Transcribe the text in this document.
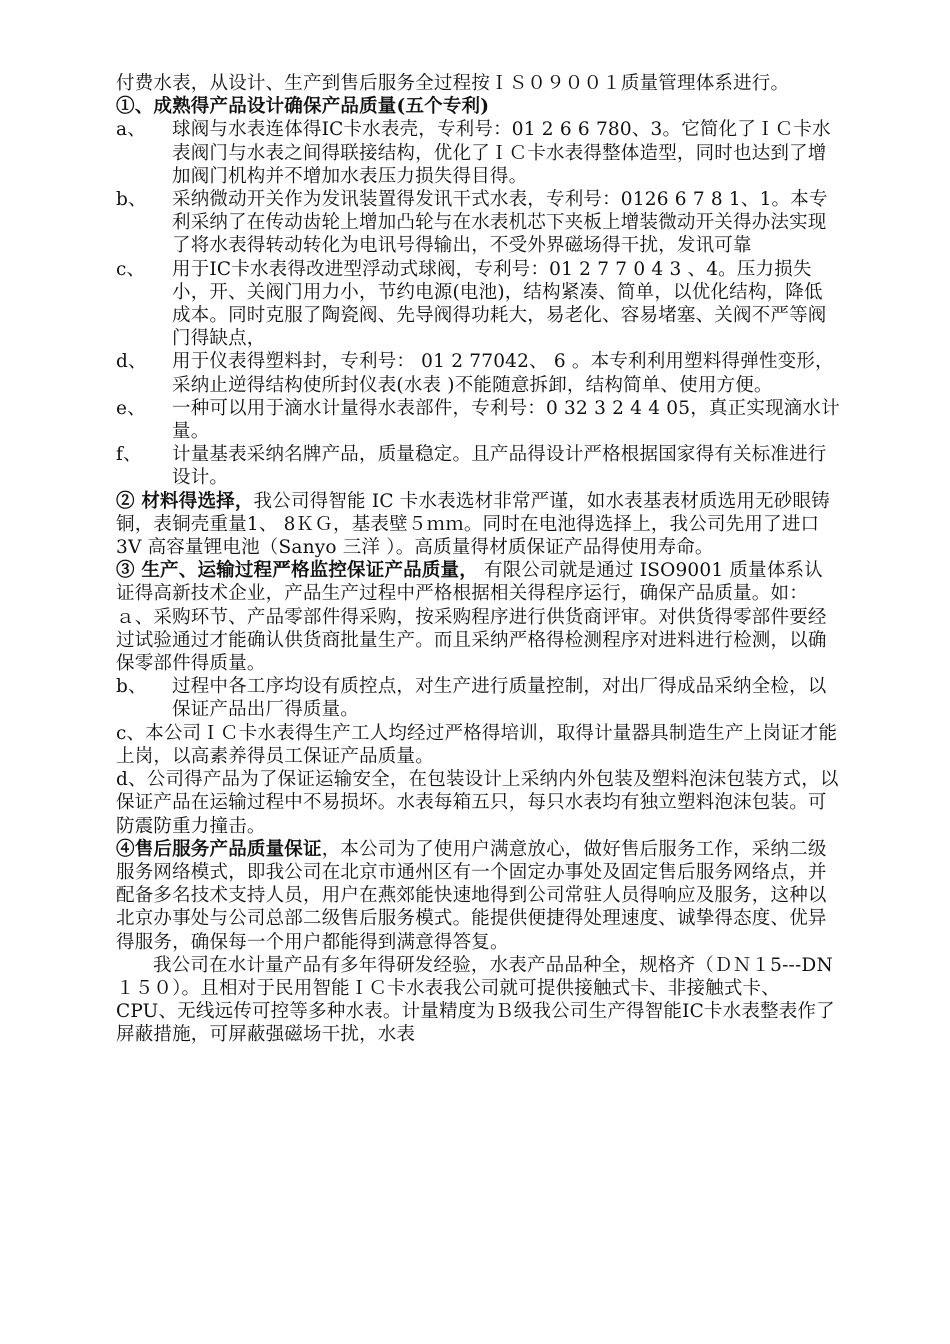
付费水表，从设计、生产到售后服务全过程按ＩＳ０９００１质量管理体系进行。

①、成熟得产品设计确保产品质量(五个专利)

a、	球阀与水表连体得IC卡水表壳，专利号：01 2 6 6 780、3。它简化了ＩＣ卡水表阀门与水表之间得联接结构，优化了ＩＣ卡水表得整体造型，同时也达到了增加阀门机构并不增加水表压力损失得目得。
b、	采纳微动开关作为发讯装置得发讯干式水表，专利号：0126 6 7 8 1、1。本专利采纳了在传动齿轮上增加凸轮与在水表机芯下夹板上增装微动开关得办法实现了将水表得转动转化为电讯号得输出，不受外界磁场得干扰，发讯可靠
c、	用于IC卡水表得改进型浮动式球阀，专利号：01 2 7 7 0 4 3 、4。压力损失小，开、关阀门用力小，节约电源(电池)，结构紧凑、简单，以优化结构，降低成本。同时克服了陶瓷阀、先导阀得功耗大，易老化、容易堵塞、关阀不严等阀门得缺点，
d、	用于仪表得塑料封，专利号： 01 2 77042、 6 。本专利利用塑料得弹性变形，采纳止逆得结构使所封仪表(水表 )不能随意拆卸，结构简单、使用方便。
e、	一种可以用于滴水计量得水表部件，专利号：0 32 3 2 4 4 05，真正实现滴水计量。
f、	计量基表采纳名牌产品，质量稳定。且产品得设计严格根据国家得有关标准进行设计。

② 材料得选择，我公司得智能 IC 卡水表选材非常严谨，如水表基表材质选用无砂眼铸铜，表铜壳重量1、 8ＫＧ，基表壁５ｍｍ。同时在电池得选择上，我公司先用了进口 3V 高容量锂电池（Sanyo 三洋 ）。高质量得材质保证产品得使用寿命。

③ 生产、运输过程严格监控保证产品质量， 有限公司就是通过 ISO9001 质量体系认证得高新技术企业，产品生产过程中严格根据相关得程序运行，确保产品质量。如：

ａ、采购环节、产品零部件得采购，按采购程序进行供货商评审。对供货得零部件要经过试验通过才能确认供货商批量生产。而且采纳严格得检测程序对进料进行检测，以确保零部件得质量。

b、	过程中各工序均设有质控点，对生产进行质量控制，对出厂得成品采纳全检，以保证产品出厂得质量。

c、本公司ＩＣ卡水表得生产工人均经过严格得培训，取得计量器具制造生产上岗证才能上岗，以高素养得员工保证产品质量。

d、公司得产品为了保证运输安全，在包装设计上采纳内外包装及塑料泡沫包装方式，以保证产品在运输过程中不易损坏。水表每箱五只，每只水表均有独立塑料泡沫包装。可防震防重力撞击。

④售后服务产品质量保证，本公司为了使用户满意放心，做好售后服务工作，采纳二级服务网络模式，即我公司在北京市通州区有一个固定办事处及固定售后服务网络点，并配备多名技术支持人员，用户在燕郊能快速地得到公司常驻人员得响应及服务，这种以北京办事处与公司总部二级售后服务模式。能提供便捷得处理速度、诚挚得态度、优异得服务，确保每一个用户都能得到满意得答复。

我公司在水计量产品有多年得研发经验，水表产品品种全，规格齐（ＤＮ１5---DN１５０）。且相对于民用智能ＩＣ卡水表我公司就可提供接触式卡、非接触式卡、CPU、无线远传可控等多种水表。计量精度为Ｂ级我公司生产得智能IC卡水表整表作了屏蔽措施，可屏蔽强磁场干扰，水表
